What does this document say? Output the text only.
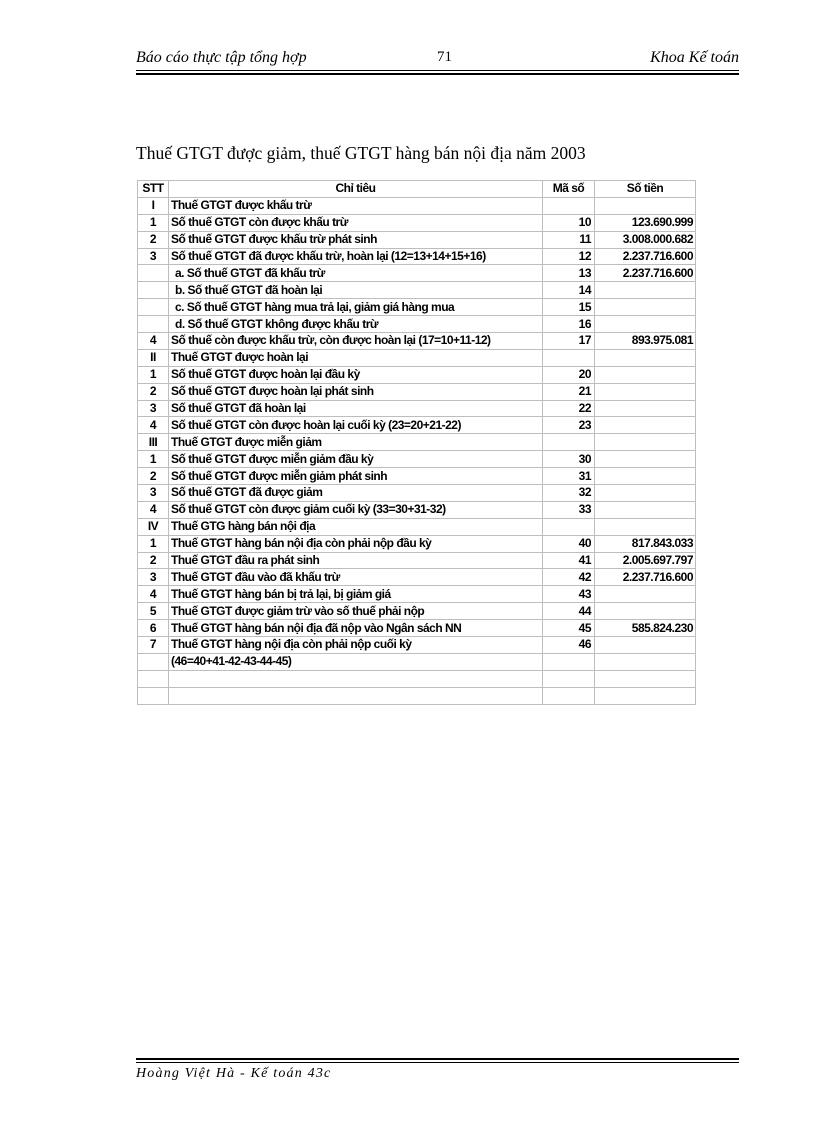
Báo cáo thực tập tổng hợp	71	Khoa Kế toán
Thuế GTGT được giảm, thuế GTGT hàng bán nội địa năm 2003
STT	Chỉ tiêu	Mã số	Số tiền
I	Thuế GTGT được khấu trừ		
1	Số thuế GTGT còn được khấu trừ	10	123.690.999
2	Số thuế GTGT được khấu trừ phát sinh	11	3.008.000.682
3	Số thuế GTGT đã được khấu trừ, hoàn lại (12=13+14+15+16)	12	2.237.716.600
	a. Số thuế GTGT đã khấu trừ	13	2.237.716.600
	b. Số thuế GTGT đã hoàn lại	14	
	c. Số thuế GTGT hàng mua trả lại, giảm giá hàng mua	15	
	d. Số thuế GTGT không được khấu trừ	16	
4	Số thuế còn được khấu trừ, còn được hoàn lại (17=10+11-12)	17	893.975.081
II	Thuế GTGT được hoàn lại		
1	Số thuế GTGT được hoàn lại đầu kỳ	20	
2	Số thuế GTGT được hoàn lại phát sinh	21	
3	Số thuế GTGT đã hoàn lại	22	
4	Số thuế GTGT còn được hoàn lại cuối kỳ (23=20+21-22)	23	
III	Thuế GTGT được miễn giảm		
1	Số thuế GTGT được miễn giảm đầu kỳ	30	
2	Số thuế GTGT được miễn giảm phát sinh	31	
3	Số thuế GTGT đã được giảm	32	
4	Số thuế GTGT còn được giảm cuối kỳ (33=30+31-32)	33	
IV	Thuế GTG hàng bán nội địa		
1	Thuế GTGT hàng bán nội địa còn phải nộp đầu kỳ	40	817.843.033
2	Thuế GTGT đầu ra phát sinh	41	2.005.697.797
3	Thuế GTGT đầu vào đã khấu trừ	42	2.237.716.600
4	Thuế GTGT hàng bán bị trả lại, bị giảm giá	43	
5	Thuế GTGT được giảm trừ vào số thuế phải nộp	44	
6	Thuế GTGT hàng bán nội địa đã nộp vào Ngân sách NN	45	585.824.230
7	Thuế GTGT hàng nội địa còn phải nộp cuối kỳ	46	
	(46=40+41-42-43-44-45)		

Hoàng Việt Hà - Kế toán 43c
